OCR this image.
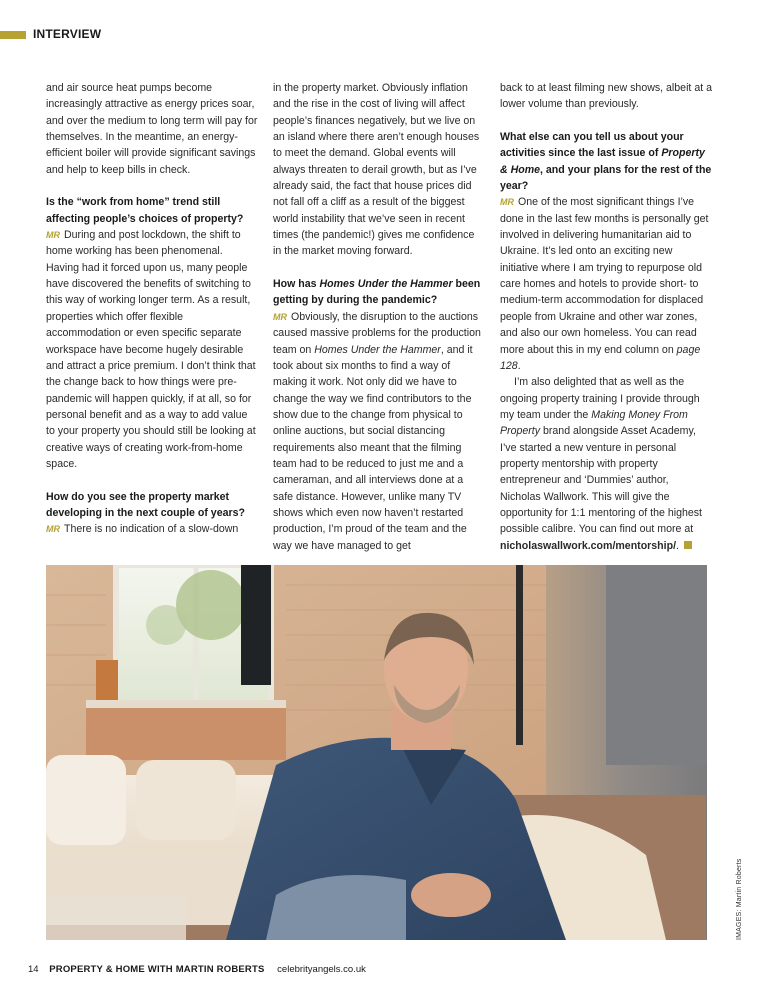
INTERVIEW

and air source heat pumps become increasingly attractive as energy prices soar, and over the medium to long term will pay for themselves. In the meantime, an energy-efficient boiler will provide significant savings and help to keep bills in check.

Is the “work from home” trend still affecting people’s choices of property?

MR During and post lockdown, the shift to home working has been phenomenal. Having had it forced upon us, many people have discovered the benefits of switching to this way of working longer term. As a result, properties which offer flexible accommodation or even specific separate workspace have become hugely desirable and attract a price premium. I don’t think that the change back to how things were pre-pandemic will happen quickly, if at all, so for personal benefit and as a way to add value to your property you should still be looking at creative ways of creating work-from-home space.

How do you see the property market developing in the next couple of years?

MR There is no indication of a slow-down

in the property market. Obviously inflation and the rise in the cost of living will affect people’s finances negatively, but we live on an island where there aren’t enough houses to meet the demand. Global events will always threaten to derail growth, but as I’ve already said, the fact that house prices did not fall off a cliff as a result of the biggest world instability that we’ve seen in recent times (the pandemic!) gives me confidence in the market moving forward.

How has Homes Under the Hammer been getting by during the pandemic?

MR Obviously, the disruption to the auctions caused massive problems for the production team on Homes Under the Hammer, and it took about six months to find a way of making it work. Not only did we have to change the way we find contributors to the show due to the change from physical to online auctions, but social distancing requirements also meant that the filming team had to be reduced to just me and a cameraman, and all interviews done at a safe distance. However, unlike many TV shows which even now haven’t restarted production, I’m proud of the team and the way we have managed to get

back to at least filming new shows, albeit at a lower volume than previously.

What else can you tell us about your activities since the last issue of Property & Home, and your plans for the rest of the year?

MR One of the most significant things I’ve done in the last few months is personally get involved in delivering humanitarian aid to Ukraine. It’s led onto an exciting new initiative where I am trying to repurpose old care homes and hotels to provide short- to medium-term accommodation for displaced people from Ukraine and other war zones, and also our own homeless. You can read more about this in my end column on page 128.

I’m also delighted that as well as the ongoing property training I provide through my team under the Making Money From Property brand alongside Asset Academy, I’ve started a new venture in personal property mentorship with property entrepreneur and ‘Dummies’ author, Nicholas Wallwork. This will give the opportunity for 1:1 mentoring of the highest possible calibre. You can find out more at nicholaswallwork.com/mentorship/.

IMAGES: Martin Roberts
14 PROPERTY & HOME WITH MARTIN ROBERTS celebrityangels.co.uk
